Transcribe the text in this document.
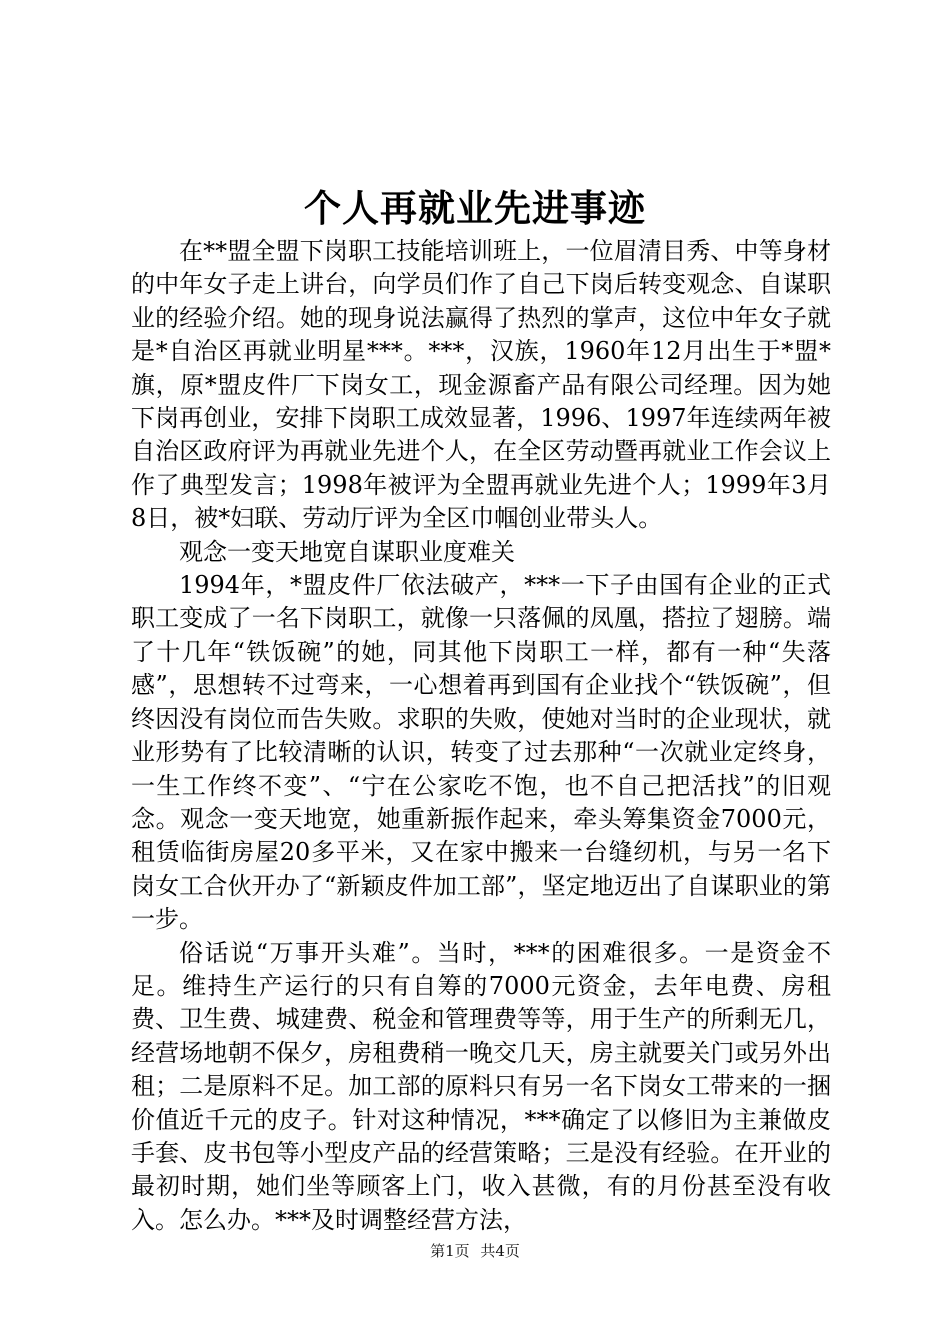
个人再就业先进事迹

在**盟全盟下岗职工技能培训班上，一位眉清目秀、中等身材的中年女子走上讲台，向学员们作了自己下岗后转变观念、自谋职业的经验介绍。她的现身说法赢得了热烈的掌声，这位中年女子就是*自治区再就业明星***。***，汉族，1960年12月出生于*盟*旗，原*盟皮件厂下岗女工，现金源畜产品有限公司经理。因为她下岗再创业，安排下岗职工成效显著，1996、1997年连续两年被自治区政府评为再就业先进个人，在全区劳动暨再就业工作会议上作了典型发言；1998年被评为全盟再就业先进个人；1999年3月8日，被*妇联、劳动厅评为全区巾帼创业带头人。

观念一变天地宽自谋职业度难关

1994年，*盟皮件厂依法破产，***一下子由国有企业的正式职工变成了一名下岗职工，就像一只落佩的凤凰，搭拉了翅膀。端了十几年“铁饭碗”的她，同其他下岗职工一样，都有一种“失落感”，思想转不过弯来，一心想着再到国有企业找个“铁饭碗”，但终因没有岗位而告失败。求职的失败，使她对当时的企业现状，就业形势有了比较清晰的认识，转变了过去那种“一次就业定终身，一生工作终不变”、“宁在公家吃不饱，也不自己把活找”的旧观念。观念一变天地宽，她重新振作起来，牵头筹集资金7000元，租赁临街房屋20多平米，又在家中搬来一台缝纫机，与另一名下岗女工合伙开办了“新颖皮件加工部”，坚定地迈出了自谋职业的第一步。

俗话说“万事开头难”。当时，***的困难很多。一是资金不足。维持生产运行的只有自筹的7000元资金，去年电费、房租费、卫生费、城建费、税金和管理费等等，用于生产的所剩无几，经营场地朝不保夕，房租费稍一晚交几天，房主就要关门或另外出租；二是原料不足。加工部的原料只有另一名下岗女工带来的一捆价值近千元的皮子。针对这种情况，***确定了以修旧为主兼做皮手套、皮书包等小型皮产品的经营策略；三是没有经验。在开业的最初时期，她们坐等顾客上门，收入甚微，有的月份甚至没有收入。怎么办。***及时调整经营方法，

第1页 共4页
